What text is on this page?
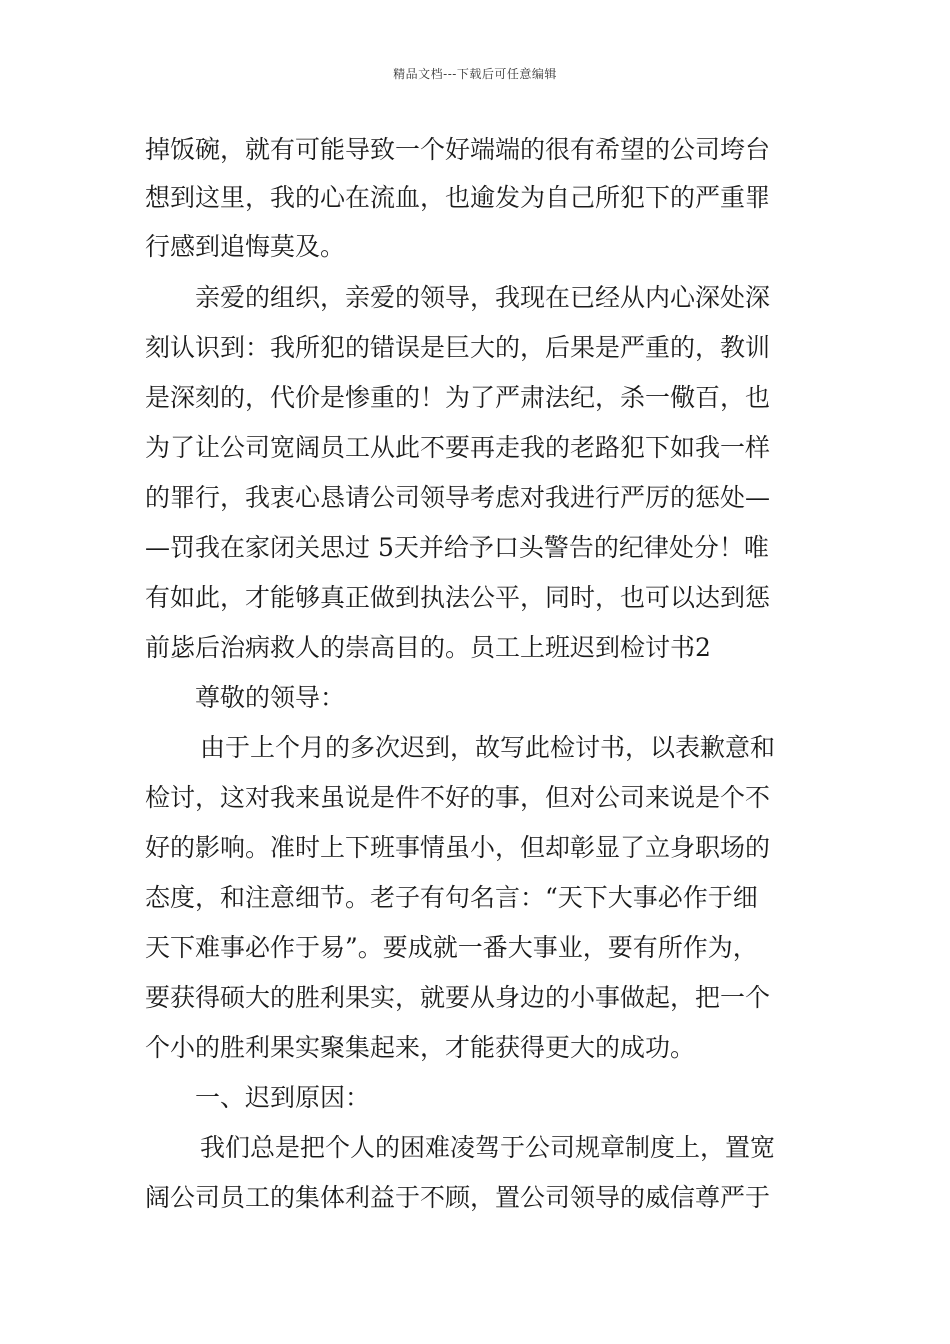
精品文档---下载后可任意编辑
掉饭碗，就有可能导致一个好端端的很有希望的公司垮台
想到这里，我的心在流血，也逾发为自己所犯下的严重罪
行感到追悔莫及。
亲爱的组织，亲爱的领导，我现在已经从内心深处深
刻认识到：我所犯的错误是巨大的，后果是严重的，教训
是深刻的，代价是惨重的！为了严肃法纪，杀一儆百，也
为了让公司宽阔员工从此不要再走我的老路犯下如我一样
的罪行，我衷心恳请公司领导考虑对我进行严厉的惩处—
—罚我在家闭关思过 5天并给予口头警告的纪律处分！唯
有如此，才能够真正做到执法公平，同时，也可以达到惩
前毖后治病救人的崇高目的。员工上班迟到检讨书2
尊敬的领导：
由于上个月的多次迟到，故写此检讨书，以表歉意和
检讨，这对我来虽说是件不好的事，但对公司来说是个不
好的影响。准时上下班事情虽小，但却彰显了立身职场的
态度，和注意细节。老子有句名言：“天下大事必作于细
天下难事必作于易”。要成就一番大事业，要有所作为，
要获得硕大的胜利果实，就要从身边的小事做起，把一个
个小的胜利果实聚集起来，才能获得更大的成功。
一、迟到原因：
我们总是把个人的困难凌驾于公司规章制度上，置宽
阔公司员工的集体利益于不顾，置公司领导的威信尊严于
